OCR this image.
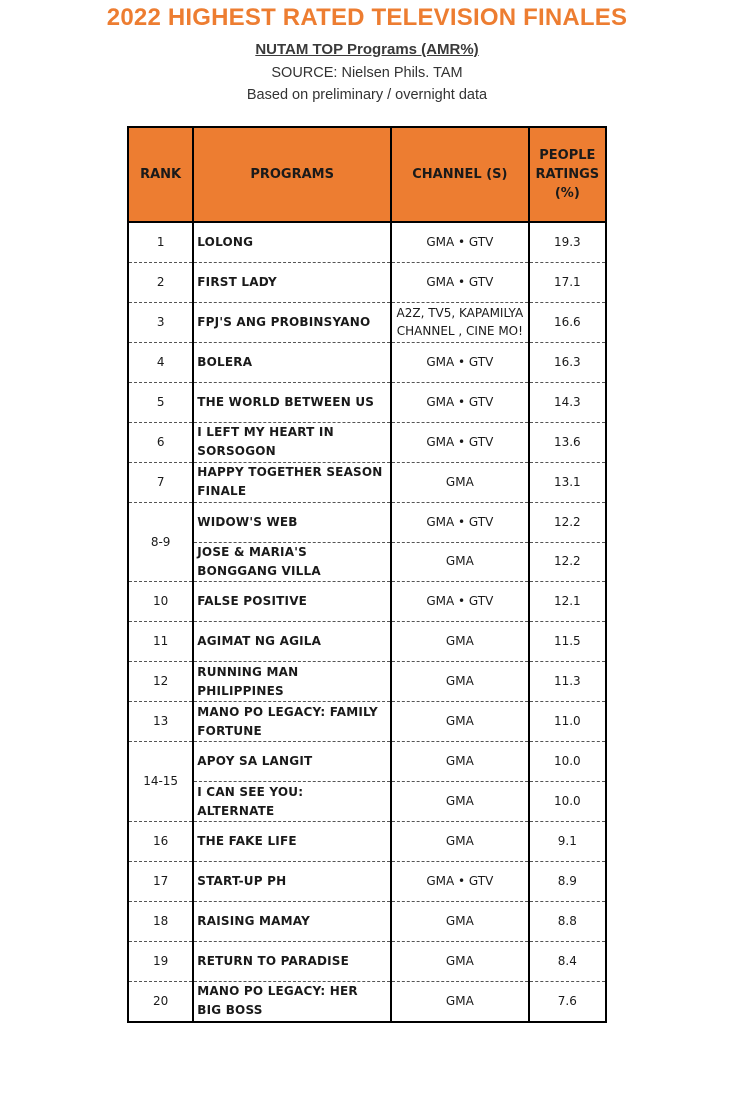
2022 HIGHEST RATED TELEVISION FINALES
NUTAM TOP Programs (AMR%)
SOURCE: Nielsen Phils. TAM
Based on preliminary / overnight data
RANK	PROGRAMS	CHANNEL (S)	PEOPLE
RATINGS
(%)
1	LOLONG	GMA • GTV	19.3
2	FIRST LADY	GMA • GTV	17.1
3	FPJ'S ANG PROBINSYANO	A2Z, TV5, KAPAMILYA CHANNEL , CINE MO!	16.6
4	BOLERA	GMA • GTV	16.3
5	THE WORLD BETWEEN US	GMA • GTV	14.3
6	I LEFT MY HEART IN SORSOGON	GMA • GTV	13.6
7	HAPPY TOGETHER SEASON FINALE	GMA	13.1
8-9	WIDOW'S WEB	GMA • GTV	12.2
	JOSE & MARIA'S BONGGANG VILLA	GMA	12.2
10	FALSE POSITIVE	GMA • GTV	12.1
11	AGIMAT NG AGILA	GMA	11.5
12	RUNNING MAN PHILIPPINES	GMA	11.3
13	MANO PO LEGACY: FAMILY FORTUNE	GMA	11.0
14-15	APOY SA LANGIT	GMA	10.0
	I CAN SEE YOU: ALTERNATE	GMA	10.0
16	THE FAKE LIFE	GMA	9.1
17	START-UP PH	GMA • GTV	8.9
18	RAISING MAMAY	GMA	8.8
19	RETURN TO PARADISE	GMA	8.4
20	MANO PO LEGACY: HER BIG BOSS	GMA	7.6
